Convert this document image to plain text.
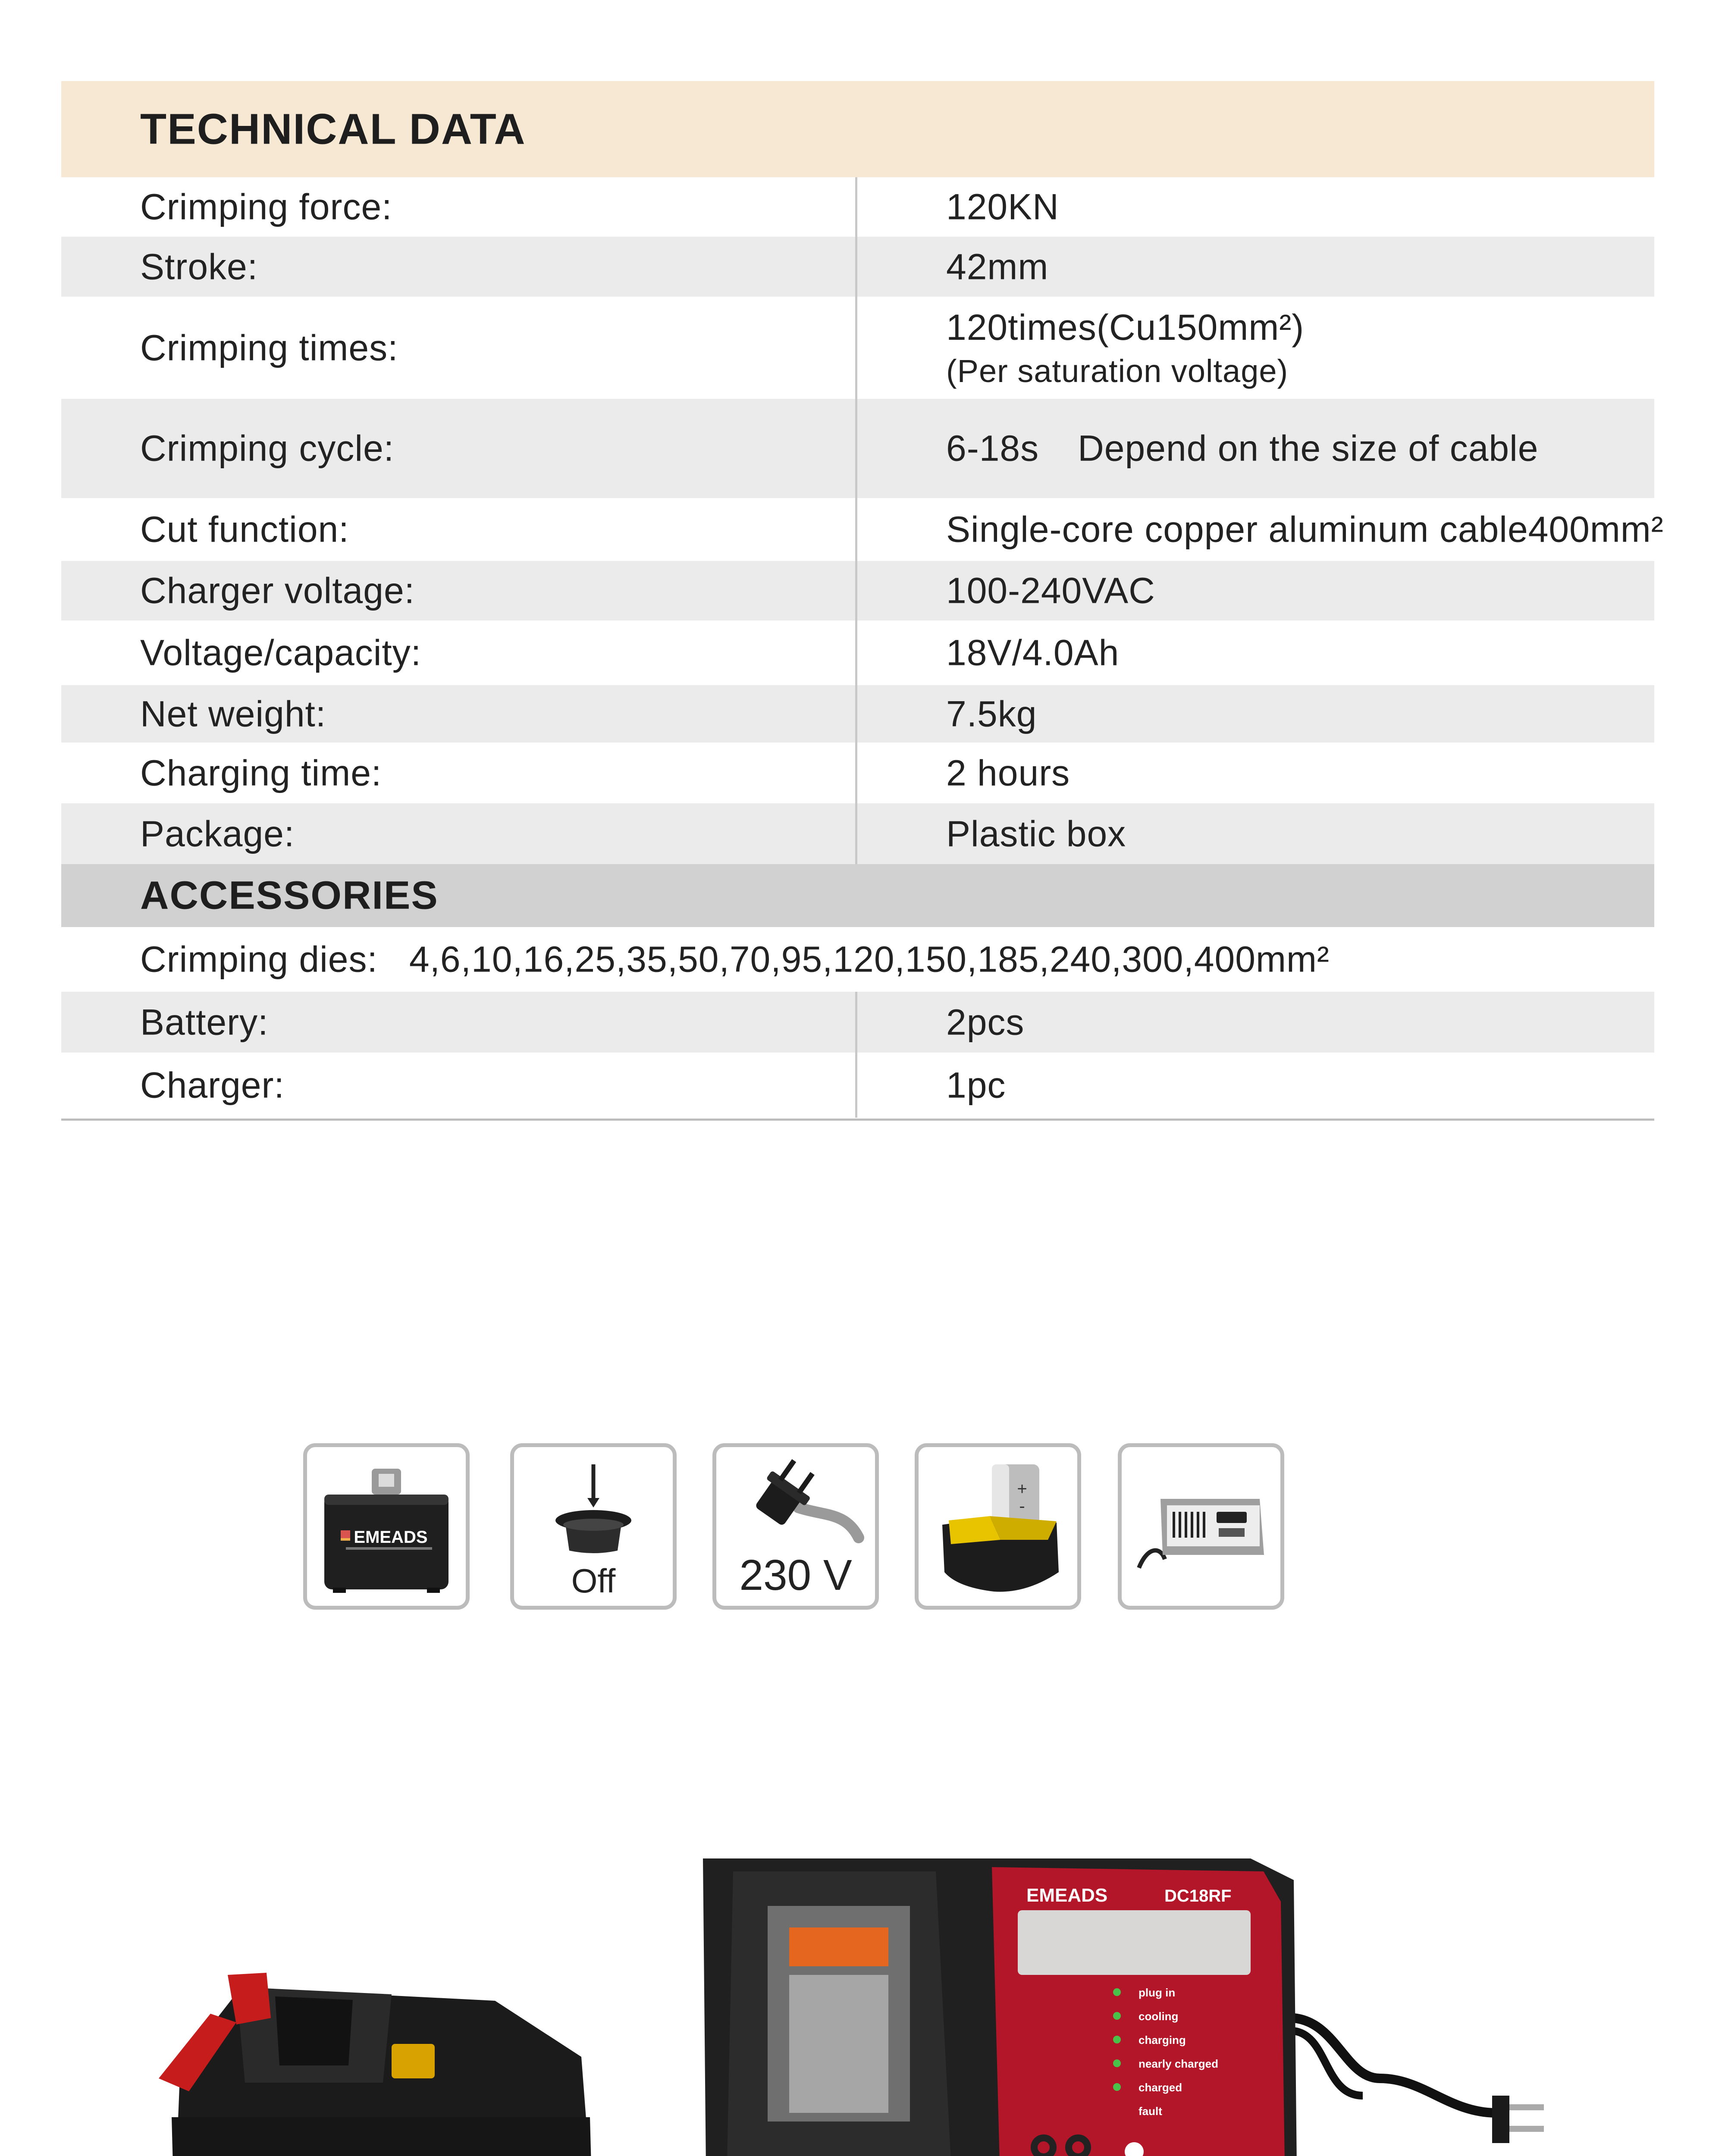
TECHNICAL DATA
Crimping force:	120KN
Stroke:	42mm
Crimping times:
120times(Cu150mm²)
(Per saturation voltage)
Crimping cycle:	6-18s Depend on the size of cable
Cut function:	Single-core copper aluminum cable400mm²
Charger voltage:	100-240VAC
Voltage/capacity:	18V/4.0Ah
Net weight:	7.5kg
Charging time:	2 hours
Package:	Plastic box
ACCESSORIES
Crimping dies: 4,6,10,16,25,35,50,70,95,120,150,185,240,300,400mm²
Battery:	2pcs
Charger:	1pc
EMEADS
Off	230 V
+
-
EMEADS	DC18RF
plug in
cooling
charging
nearly charged
charged
fault
